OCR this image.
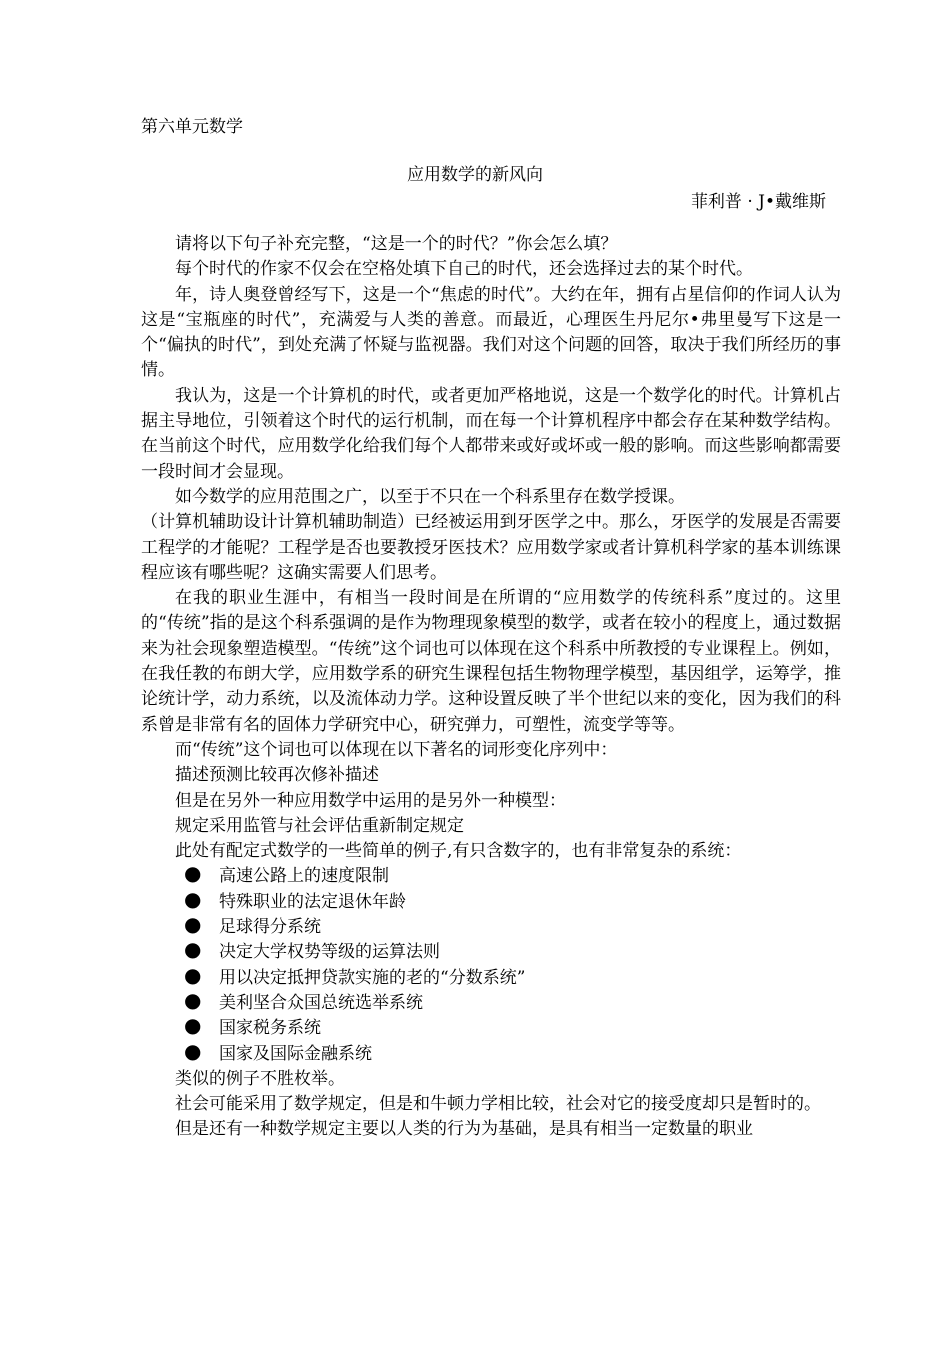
第六单元数学
应用数学的新风向
菲利普 · J•戴维斯

请将以下句子补充完整，“这是一个的时代？”你会怎么填？

每个时代的作家不仅会在空格处填下自己的时代，还会选择过去的某个时代。

年，诗人奥登曾经写下，这是一个“焦虑的时代”。大约在年，拥有占星信仰的作词人认为这是“宝瓶座的时代”，充满爱与人类的善意。而最近，心理医生丹尼尔•弗里曼写下这是一个“偏执的时代”，到处充满了怀疑与监视器。我们对这个问题的回答，取决于我们所经历的事情。

我认为，这是一个计算机的时代，或者更加严格地说，这是一个数学化的时代。计算机占据主导地位，引领着这个时代的运行机制，而在每一个计算机程序中都会存在某种数学结构。在当前这个时代，应用数学化给我们每个人都带来或好或坏或一般的影响。而这些影响都需要一段时间才会显现。

如今数学的应用范围之广，以至于不只在一个科系里存在数学授课。

（计算机辅助设计计算机辅助制造）已经被运用到牙医学之中。那么，牙医学的发展是否需要工程学的才能呢？工程学是否也要教授牙医技术？应用数学家或者计算机科学家的基本训练课程应该有哪些呢？这确实需要人们思考。

在我的职业生涯中，有相当一段时间是在所谓的“应用数学的传统科系”度过的。这里的“传统”指的是这个科系强调的是作为物理现象模型的数学，或者在较小的程度上，通过数据来为社会现象塑造模型。“传统”这个词也可以体现在这个科系中所教授的专业课程上。例如，在我任教的布朗大学，应用数学系的研究生课程包括生物物理学模型，基因组学，运筹学，推论统计学，动力系统，以及流体动力学。这种设置反映了半个世纪以来的变化，因为我们的科系曾是非常有名的固体力学研究中心，研究弹力，可塑性，流变学等等。

而“传统”这个词也可以体现在以下著名的词形变化序列中：

描述预测比较再次修补描述

但是在另外一种应用数学中运用的是另外一种模型：

规定采用监管与社会评估重新制定规定

此处有配定式数学的一些简单的例子,有只含数字的，也有非常复杂的系统：

● 高速公路上的速度限制
● 特殊职业的法定退休年龄
● 足球得分系统
● 决定大学权势等级的运算法则
● 用以决定抵押贷款实施的老的“分数系统”
● 美利坚合众国总统选举系统
● 国家税务系统
● 国家及国际金融系统

类似的例子不胜枚举。

社会可能采用了数学规定，但是和牛顿力学相比较，社会对它的接受度却只是暂时的。

但是还有一种数学规定主要以人类的行为为基础，是具有相当一定数量的职业
